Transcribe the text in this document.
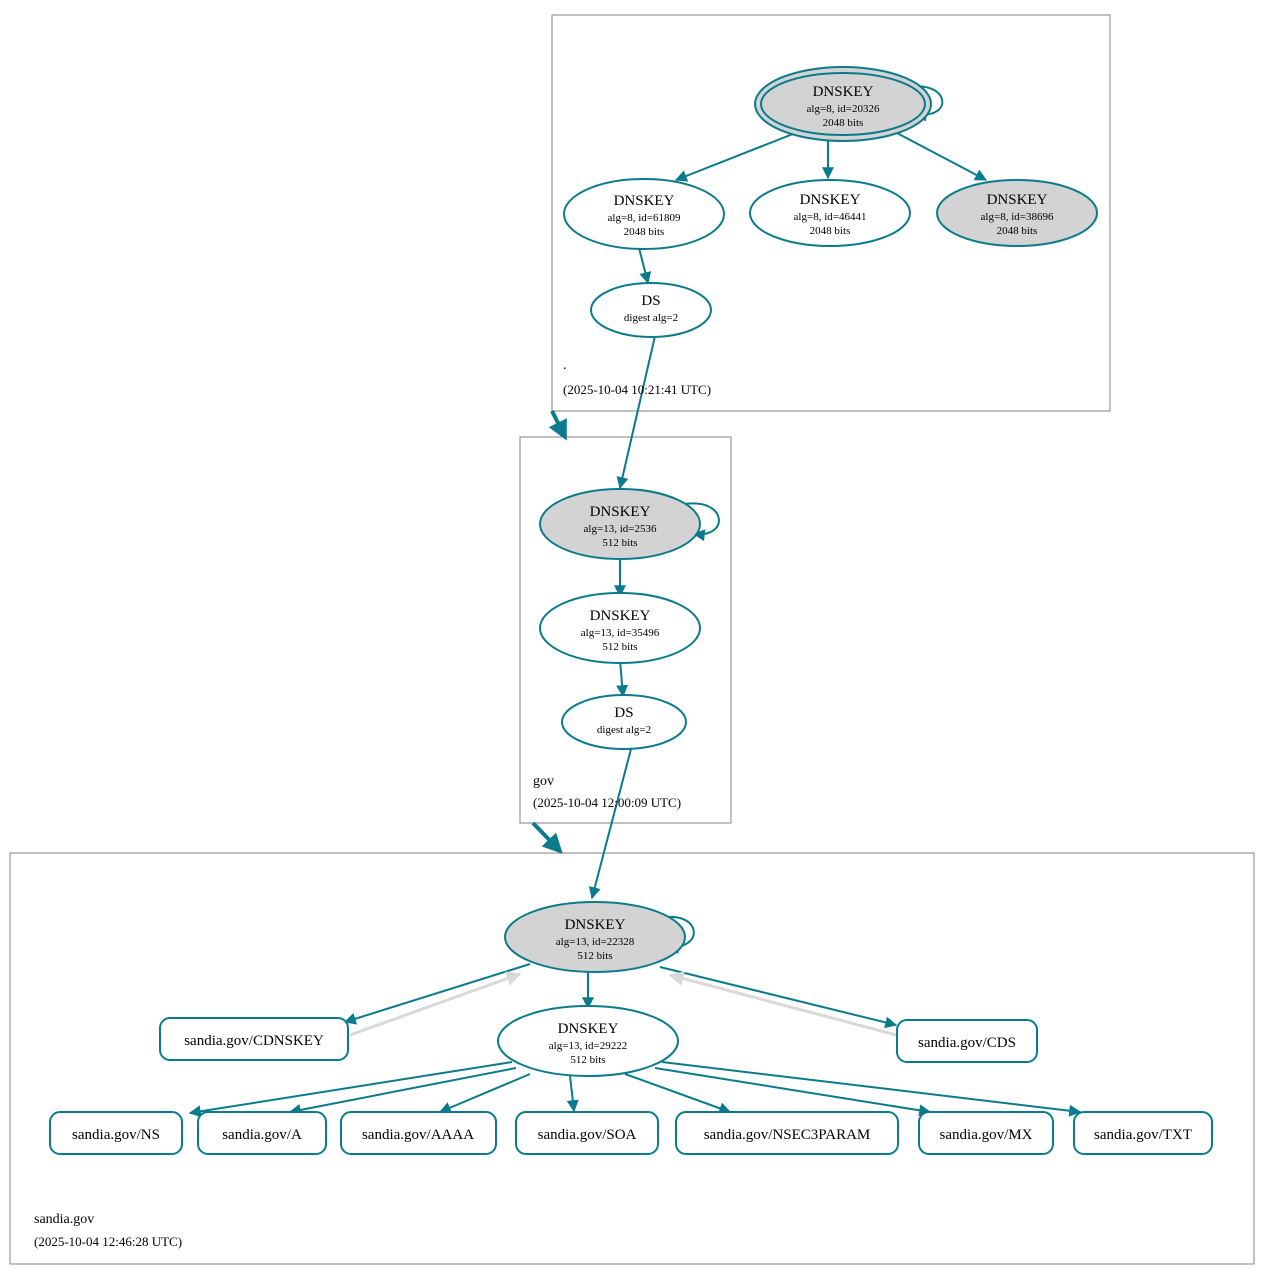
DNSKEY
alg=8, id=20326
2048 bits
DNSKEY
alg=8, id=61809
2048 bits
DNSKEY
alg=8, id=46441
2048 bits
DNSKEY
alg=8, id=38696
2048 bits
DS
digest alg=2
.
(2025-10-04 10:21:41 UTC)
DNSKEY
alg=13, id=2536
512 bits
DNSKEY
alg=13, id=35496
512 bits
DS
digest alg=2
gov
(2025-10-04 12:00:09 UTC)
DNSKEY
alg=13, id=22328
512 bits
DNSKEY
alg=13, id=29222
512 bits
sandia.gov/CDNSKEY	sandia.gov/CDS
sandia.gov/NS	sandia.gov/A	sandia.gov/AAAA	sandia.gov/SOA	sandia.gov/NSEC3PARAM	sandia.gov/MX	sandia.gov/TXT
sandia.gov
(2025-10-04 12:46:28 UTC)
